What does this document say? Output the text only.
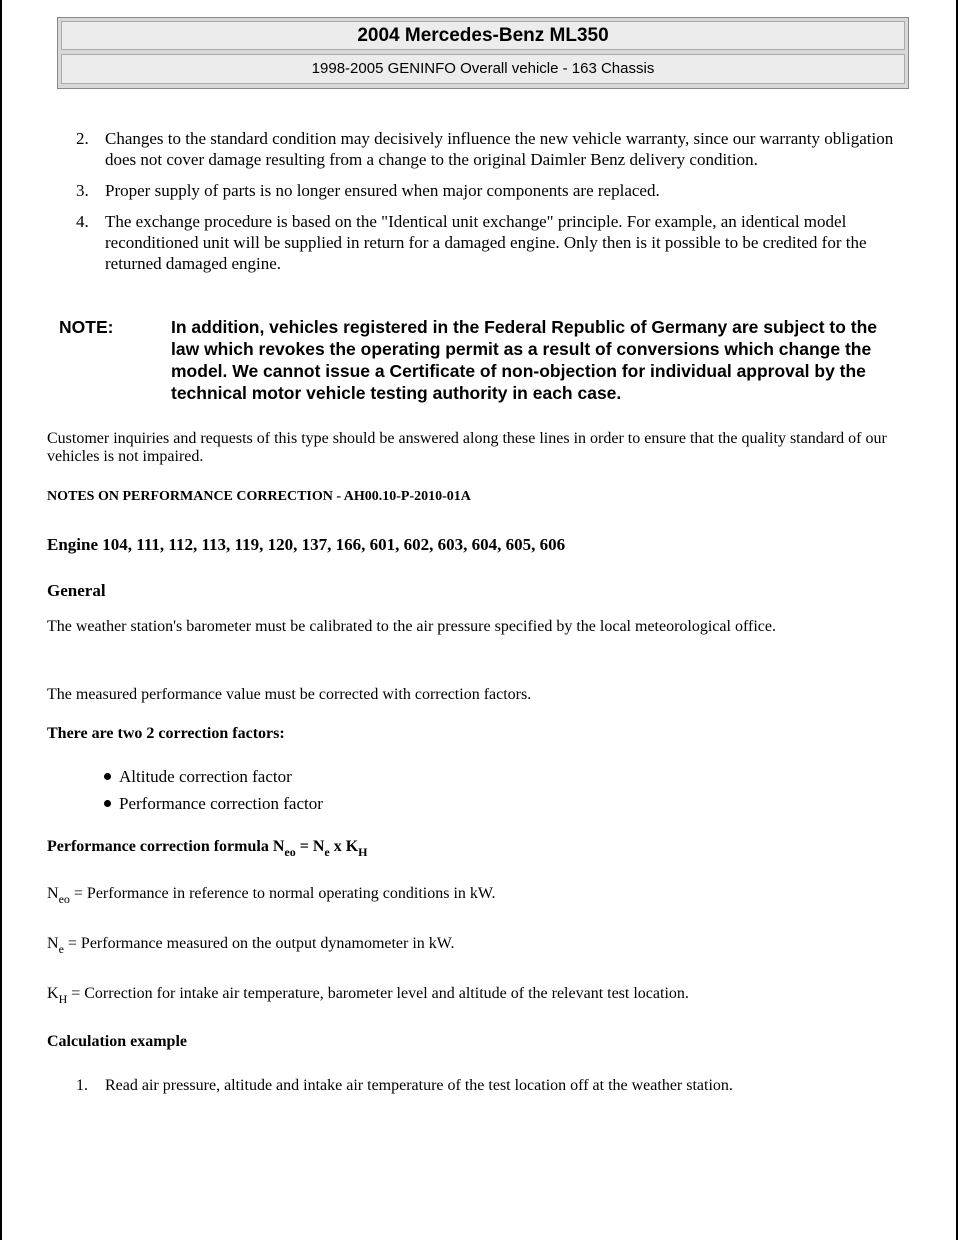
2004 Mercedes-Benz ML350
1998-2005 GENINFO Overall vehicle - 163 Chassis
2. Changes to the standard condition may decisively influence the new vehicle warranty, since our warranty obligation does not cover damage resulting from a change to the original Daimler Benz delivery condition.
3. Proper supply of parts is no longer ensured when major components are replaced.
4. The exchange procedure is based on the "Identical unit exchange" principle. For example, an identical model reconditioned unit will be supplied in return for a damaged engine. Only then is it possible to be credited for the returned damaged engine.
NOTE:	In addition, vehicles registered in the Federal Republic of Germany are subject to the law which revokes the operating permit as a result of conversions which change the model. We cannot issue a Certificate of non-objection for individual approval by the technical motor vehicle testing authority in each case.

Customer inquiries and requests of this type should be answered along these lines in order to ensure that the quality standard of our vehicles is not impaired.

NOTES ON PERFORMANCE CORRECTION - AH00.10-P-2010-01A

Engine 104, 111, 112, 113, 119, 120, 137, 166, 601, 602, 603, 604, 605, 606

General

The weather station's barometer must be calibrated to the air pressure specified by the local meteorological office.

The measured performance value must be corrected with correction factors.

There are two 2 correction factors:

Altitude correction factor
Performance correction factor

Performance correction formula $N_{eo} = N_e$ x $K_H$

$N_{eo}$ = Performance in reference to normal operating conditions in kW.

$N_e$ = Performance measured on the output dynamometer in kW.

$K_H$ = Correction for intake air temperature, barometer level and altitude of the relevant test location.

Calculation example

1. Read air pressure, altitude and intake air temperature of the test location off at the weather station.
